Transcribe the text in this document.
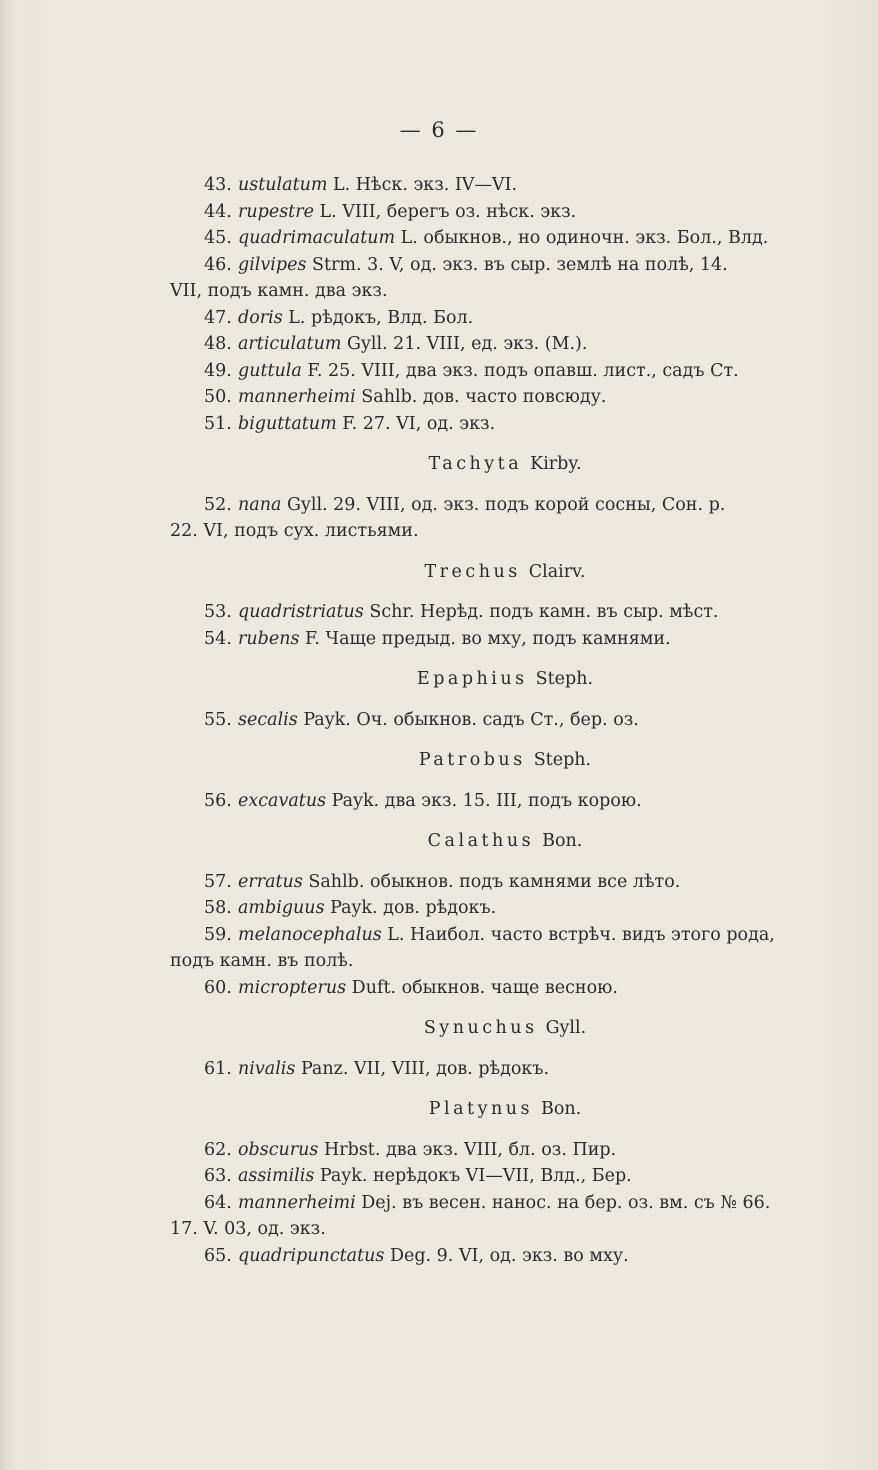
— 6 —
43. ustulatum L. Нѣск. экз. IV—VI.
44. rupestre L. VIII, берегъ оз. нѣск. экз.
45. quadrimaculatum L. обыкнов., но одиночн. экз. Бол., Влд.
46. gilvipes Strm. 3. V, од. экз. въ сыр. землѣ на полѣ, 14.
VII, подъ камн. два экз.
47. doris L. рѣдокъ, Влд. Бол.
48. articulatum Gyll. 21. VIII, ед. экз. (М.).
49. guttula F. 25. VIII, два экз. подъ опавш. лист., садъ Ст.
50. mannerheimi Sahlb. дов. часто повсюду.
51. biguttatum F. 27. VI, од. экз.
Tachyta Kirby.
52. nana Gyll. 29. VIII, од. экз. подъ корой сосны, Сон. р.
22. VI, подъ сух. листьями.
Trechus Clairv.
53. quadristriatus Schr. Нерѣд. подъ камн. въ сыр. мѣст.
54. rubens F. Чаще предыд. во мху, подъ камнями.
Epaphius Steph.
55. secalis Payk. Оч. обыкнов. садъ Ст., бер. оз.
Patrobus Steph.
56. excavatus Payk. два экз. 15. III, подъ корою.
Calathus Bon.
57. erratus Sahlb. обыкнов. подъ камнями все лѣто.
58. ambiguus Payk. дов. рѣдокъ.
59. melanocephalus L. Наибол. часто встрѣч. видъ этого рода,
подъ камн. въ полѣ.
60. micropterus Duft. обыкнов. чаще весною.
Synuchus Gyll.
61. nivalis Panz. VII, VIII, дов. рѣдокъ.
Platynus Bon.
62. obscurus Hrbst. два экз. VIII, бл. оз. Пир.
63. assimilis Payk. нерѣдокъ VI—VII, Влд., Бер.
64. mannerheimi Dej. въ весен. нанос. на бер. оз. вм. съ № 66.
17. V. 03, од. экз.
65. quadripunctatus Deg. 9. VI, од. экз. во мху.
